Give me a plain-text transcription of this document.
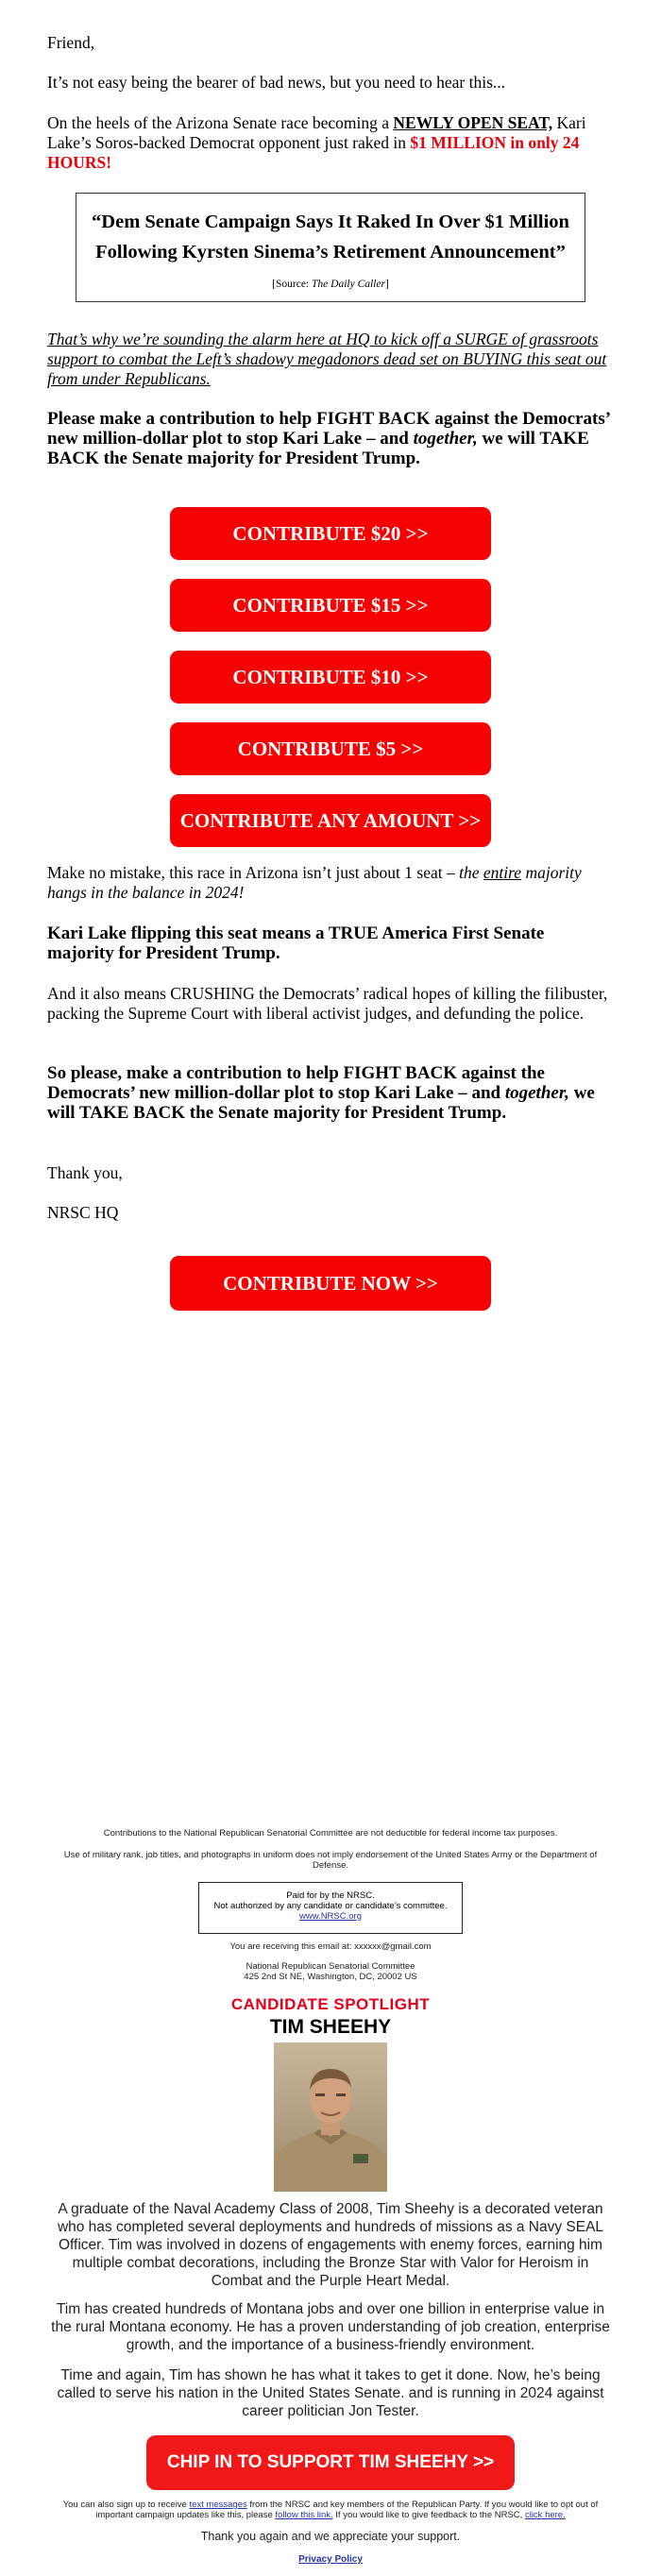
Friend,

It’s not easy being the bearer of bad news, but you need to hear this...

On the heels of the Arizona Senate race becoming a NEWLY OPEN SEAT, Kari Lake’s Soros-backed Democrat opponent just raked in $1 MILLION in only 24 HOURS!

“Dem Senate Campaign Says It Raked In Over $1 Million Following Kyrsten Sinema’s Retirement Announcement”
[Source: The Daily Caller]

That’s why we’re sounding the alarm here at HQ to kick off a SURGE of grassroots support to combat the Left’s shadowy megadonors dead set on BUYING this seat out from under Republicans.

Please make a contribution to help FIGHT BACK against the Democrats’ new million-dollar plot to stop Kari Lake – and together, we will TAKE BACK the Senate majority for President Trump.

CONTRIBUTE $20 >>
CONTRIBUTE $15 >>
CONTRIBUTE $10 >>
CONTRIBUTE $5 >>
CONTRIBUTE ANY AMOUNT >>

Make no mistake, this race in Arizona isn’t just about 1 seat – the entire majority hangs in the balance in 2024!

Kari Lake flipping this seat means a TRUE America First Senate majority for President Trump.

And it also means CRUSHING the Democrats’ radical hopes of killing the filibuster, packing the Supreme Court with liberal activist judges, and defunding the police.

So please, make a contribution to help FIGHT BACK against the Democrats’ new million-dollar plot to stop Kari Lake – and together, we will TAKE BACK the Senate majority for President Trump.

Thank you,

NRSC HQ

CONTRIBUTE NOW >>

Contributions to the National Republican Senatorial Committee are not deductible for federal income tax purposes.

Use of military rank, job titles, and photographs in uniform does not imply endorsement of the United States Army or the Department of Defense.

Paid for by the NRSC.
Not authorized by any candidate or candidate’s committee.
www.NRSC.org

You are receiving this email at: xxxxxx@gmail.com

National Republican Senatorial Committee

425 2nd St NE, Washington, DC, 20002 US

CANDIDATE SPOTLIGHT

TIM SHEEHY

A graduate of the Naval Academy Class of 2008, Tim Sheehy is a decorated veteran who has completed several deployments and hundreds of missions as a Navy SEAL Officer. Tim was involved in dozens of engagements with enemy forces, earning him multiple combat decorations, including the Bronze Star with Valor for Heroism in Combat and the Purple Heart Medal.

Tim has created hundreds of Montana jobs and over one billion in enterprise value in the rural Montana economy. He has a proven understanding of job creation, enterprise growth, and the importance of a business-friendly environment.

Time and again, Tim has shown he has what it takes to get it done. Now, he’s being called to serve his nation in the United States Senate. and is running in 2024 against career politician Jon Tester.

CHIP IN TO SUPPORT TIM SHEEHY >>

You can also sign up to receive text messages from the NRSC and key members of the Republican Party. If you would like to opt out of important campaign updates like this, please follow this link. If you would like to give feedback to the NRSC, click here.

Thank you again and we appreciate your support.

Privacy Policy
